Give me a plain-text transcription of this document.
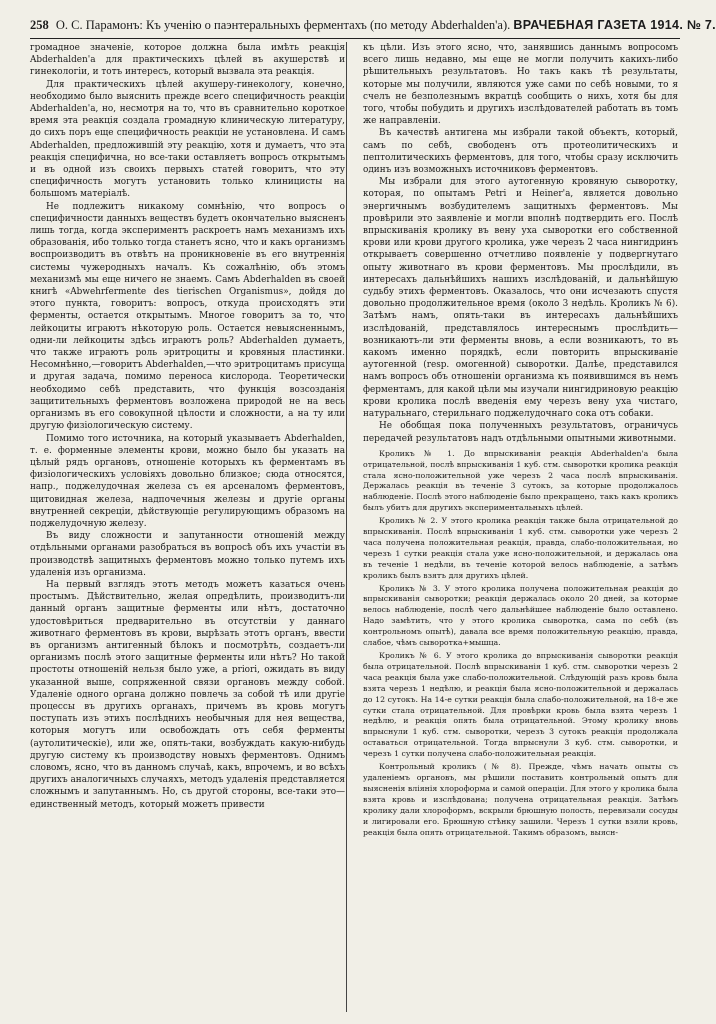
258 О. С. Парамонъ: Къ ученію о паэнтеральныхъ ферментахъ (по методу Abderhalden'a). ВРАЧЕБНАЯ ГАЗЕТА 1914. № 7.

громадное значеніе, которое должна была имѣть реакція Abderhalden'a для практическихъ цѣлей въ акушерствѣ и гинекологіи, и тотъ интересъ, который вызвала эта реакція.

Для практическихъ цѣлей акушеру-гинекологу, конечно, необходимо было выяснить прежде всего специфичность реакціи Abderhalden'a, но, несмотря на то, что въ сравнительно короткое время эта реакція создала громадную клиническую литературу, до сихъ поръ еще специфичность реакціи не установлена. И самъ Abderhalden, предложившій эту реакцію, хотя и думаетъ, что эта реакція специфична, но все-таки оставляетъ вопросъ открытымъ и въ одной изъ своихъ первыхъ статей говоритъ, что эту специфичность могутъ установить только клиницисты на большомъ матеріалѣ.

Не подлежитъ никакому сомнѣнію, что вопросъ о специфичности данныхъ веществъ будетъ окончательно выясненъ лишь тогда, когда экспериментъ раскроетъ намъ механизмъ ихъ образованія, ибо только тогда станетъ ясно, что и какъ организмъ воспроизводитъ въ отвѣтъ на проникновеніе въ его внутреннія системы чужеродныхъ началъ. Къ сожалѣнію, объ этомъ механизмѣ мы еще ничего не знаемъ. Самъ Abderhalden въ своей книгѣ «Abwehrfermente des tierischen Organismus», дойдя до этого пункта, говоритъ: вопросъ, откуда происходятъ эти ферменты, остается открытымъ. Многое говоритъ за то, что лейкоциты играютъ нѣкоторую роль. Остается невыясненнымъ, одни-ли лейкоциты здѣсь играютъ роль? Abderhalden думаетъ, что также играютъ роль эритроциты и кровяныя пластинки. Несомнѣнно,—говоритъ Abderhalden,—что эритроцитамъ присуща и другая задача, помимо переноса кислорода. Теоретически необходимо себѣ представить, что функція возсозданія защитительныхъ ферментовъ возложена природой не на весь организмъ въ его совокупной цѣлости и сложности, а на ту или другую физіологическую систему.

Помимо того источника, на который указываетъ Abderhalden, т. е. форменные элементы крови, можно было бы указать на цѣлый рядъ органовъ, отношеніе которыхъ къ ферментамъ въ физіологическихъ условіяхъ довольно близкое; сюда относятся, напр., поджелудочная железа съ ея арсеналомъ ферментовъ, щитовидная железа, надпочечныя железы и другіе органы внутренней секреціи, дѣйствующіе регулирующимъ образомъ на поджелудочную железу.

Въ виду сложности и запутанности отношеній между отдѣльными органами разобраться въ вопросѣ объ ихъ участіи въ производствѣ защитныхъ ферментовъ можно только путемъ ихъ удаленія изъ организма.

На первый взглядъ этотъ методъ можетъ казаться очень простымъ. Дѣйствительно, желая опредѣлить, производитъ-ли данный органъ защитные ферменты или нѣтъ, достаточно удостовѣриться предварительно въ отсутствіи у даннаго животнаго ферментовъ въ крови, вырѣзать этотъ органъ, ввести въ организмъ антигенный бѣлокъ и посмотрѣть, создаетъ-ли организмъ послѣ этого защитные ферменты или нѣтъ? Но такой простоты отношеній нельзя было уже, a priori, ожидать въ виду указанной выше, сопряженной связи органовъ между собой. Удаленіе одного органа должно повлечь за собой тѣ или другіе процессы въ другихъ органахъ, причемъ въ кровь могутъ поступать изъ этихъ послѣднихъ необычныя для нея вещества, которыя могутъ или освобождать отъ себя ферменты (аутолитическіе), или же, опять-таки, возбуждать какую-нибудь другую систему къ производству новыхъ ферментовъ. Однимъ словомъ, ясно, что въ данномъ случаѣ, какъ, впрочемъ, и во всѣхъ другихъ аналогичныхъ случаяхъ, методъ удаленія представляется сложнымъ и запутаннымъ. Но, съ другой стороны, все-таки это—единственный методъ, который можетъ привести

къ цѣли. Изъ этого ясно, что, занявшись даннымъ вопросомъ всего лишь недавно, мы еще не могли получить какихъ-либо рѣшительныхъ результатовъ. Но такъ какъ тѣ результаты, которые мы получили, являются уже сами по себѣ новыми, то я счелъ не безполезнымъ вкратцѣ сообщить о нихъ, хотя бы для того, чтобы побудить и другихъ изслѣдователей работать въ томъ же направленіи.

Въ качествѣ антигена мы избрали такой объектъ, который, самъ по себѣ, свободенъ отъ протеолитическихъ и пептолитическихъ ферментовъ, для того, чтобы сразу исключить одинъ изъ возможныхъ источниковъ ферментовъ.

Мы избрали для этого аутогенную кровяную сыворотку, которая, по опытамъ Petri и Heiner'a, является довольно энергичнымъ возбудителемъ защитныхъ ферментовъ. Мы провѣрили это заявленіе и могли вполнѣ подтвердить его. Послѣ впрыскиванія кролику въ вену уха сыворотки его собственной крови или крови другого кролика, уже черезъ 2 часа нингидринъ открываетъ совершенно отчетливо появленіе у подвергнутаго опыту животнаго въ крови ферментовъ. Мы прослѣдили, въ интересахъ дальнѣйшихъ нашихъ изслѣдованій, и дальнѣйшую судьбу этихъ ферментовъ. Оказалось, что они исчезаютъ спустя довольно продолжительное время (около 3 недѣль. Кроликъ № 6). Затѣмъ намъ, опять-таки въ интересахъ дальнѣйшихъ изслѣдованій, представлялось интереснымъ прослѣдить—возникаютъ-ли эти ферменты вновь, а если возникаютъ, то въ какомъ именно порядкѣ, если повторить впрыскиваніе аутогенной (resp. омогенной) сыворотки. Далѣе, представился намъ вопросъ объ отношеніи организма къ появившимся въ немъ ферментамъ, для какой цѣли мы изучали нингидриновую реакцію крови кролика послѣ введенія ему черезъ вену уха чистаго, натуральнаго, стерильнаго поджелудочнаго сока отъ собаки.

Не обобщая пока полученныхъ результатовъ, ограничусь передачей результатовъ надъ отдѣльными опытными животными.

Кроликъ № 1. До впрыскиванія реакція Abderhalden'a была отрицательной, послѣ впрыскиванія 1 куб. стм. сыворотки кролика реакція стала ясно-положительной уже черезъ 2 часа послѣ впрыскиванія. Держалась реакція въ теченіе 3 сутокъ, за которые продолжалось наблюденіе. Послѣ этого наблюденіе было прекращено, такъ какъ кроликъ былъ убитъ для другихъ экспериментальныхъ цѣлей.

Кроликъ № 2. У этого кролика реакція также была отрицательной до впрыскиванія. Послѣ впрыскиванія 1 куб. стм. сыворотки уже черезъ 2 часа получена положительная реакція, правда, слабо-положительная, но черезъ 1 сутки реакція стала уже ясно-положительной, и держалась она въ теченіе 1 недѣли, въ теченіе которой велось наблюденіе, а затѣмъ кроликъ былъ взятъ для другихъ цѣлей.

Кроликъ № 3. У этого кролика получена положительная реакція до впрыскиванія сыворотки; реакція держалась около 20 дней, за которые велось наблюденіе, послѣ чего дальнѣйшее наблюденіе было оставлено. Надо замѣтить, что у этого кролика сыворотка, сама по себѣ (въ контрольномъ опытѣ), давала все время положительную реакцію, правда, слабое, чѣмъ сыворотка+мышца.

Кроликъ № 6. У этого кролика до впрыскиванія сыворотки реакція была отрицательной. Послѣ впрыскиванія 1 куб. стм. сыворотки черезъ 2 часа реакція была уже слабо-положительной. Слѣдующій разъ кровь была взята черезъ 1 недѣлю, и реакція была ясно-положительной и держалась до 12 сутокъ. На 14-е сутки реакція была слабо-положительной, на 18-е же сутки стала отрицательной. Для провѣрки кровь была взята черезъ 1 недѣлю, и реакція опять была отрицательной. Этому кролику вновь впрыснули 1 куб. стм. сыворотки, черезъ 3 сутокъ реакція продолжала оставаться отрицательной. Тогда впрыснули 3 куб. стм. сыворотки, и черезъ 1 сутки получена слабо-положительная реакція.

Контрольный кроликъ (№ 8). Прежде, чѣмъ начать опыты съ удаленіемъ органовъ, мы рѣшили поставить контрольный опытъ для выясненія вліянія хлороформа и самой операціи. Для этого у кролика была взята кровь и изслѣдована; получена отрицательная реакція. Затѣмъ кролику дали хлороформъ, вскрыли брюшную полость, перевязали сосуды и лигировали его. Брюшную стѣнку зашили. Черезъ 1 сутки взяли кровь, реакція была опять отрицательной. Такимъ образомъ, выясн-
